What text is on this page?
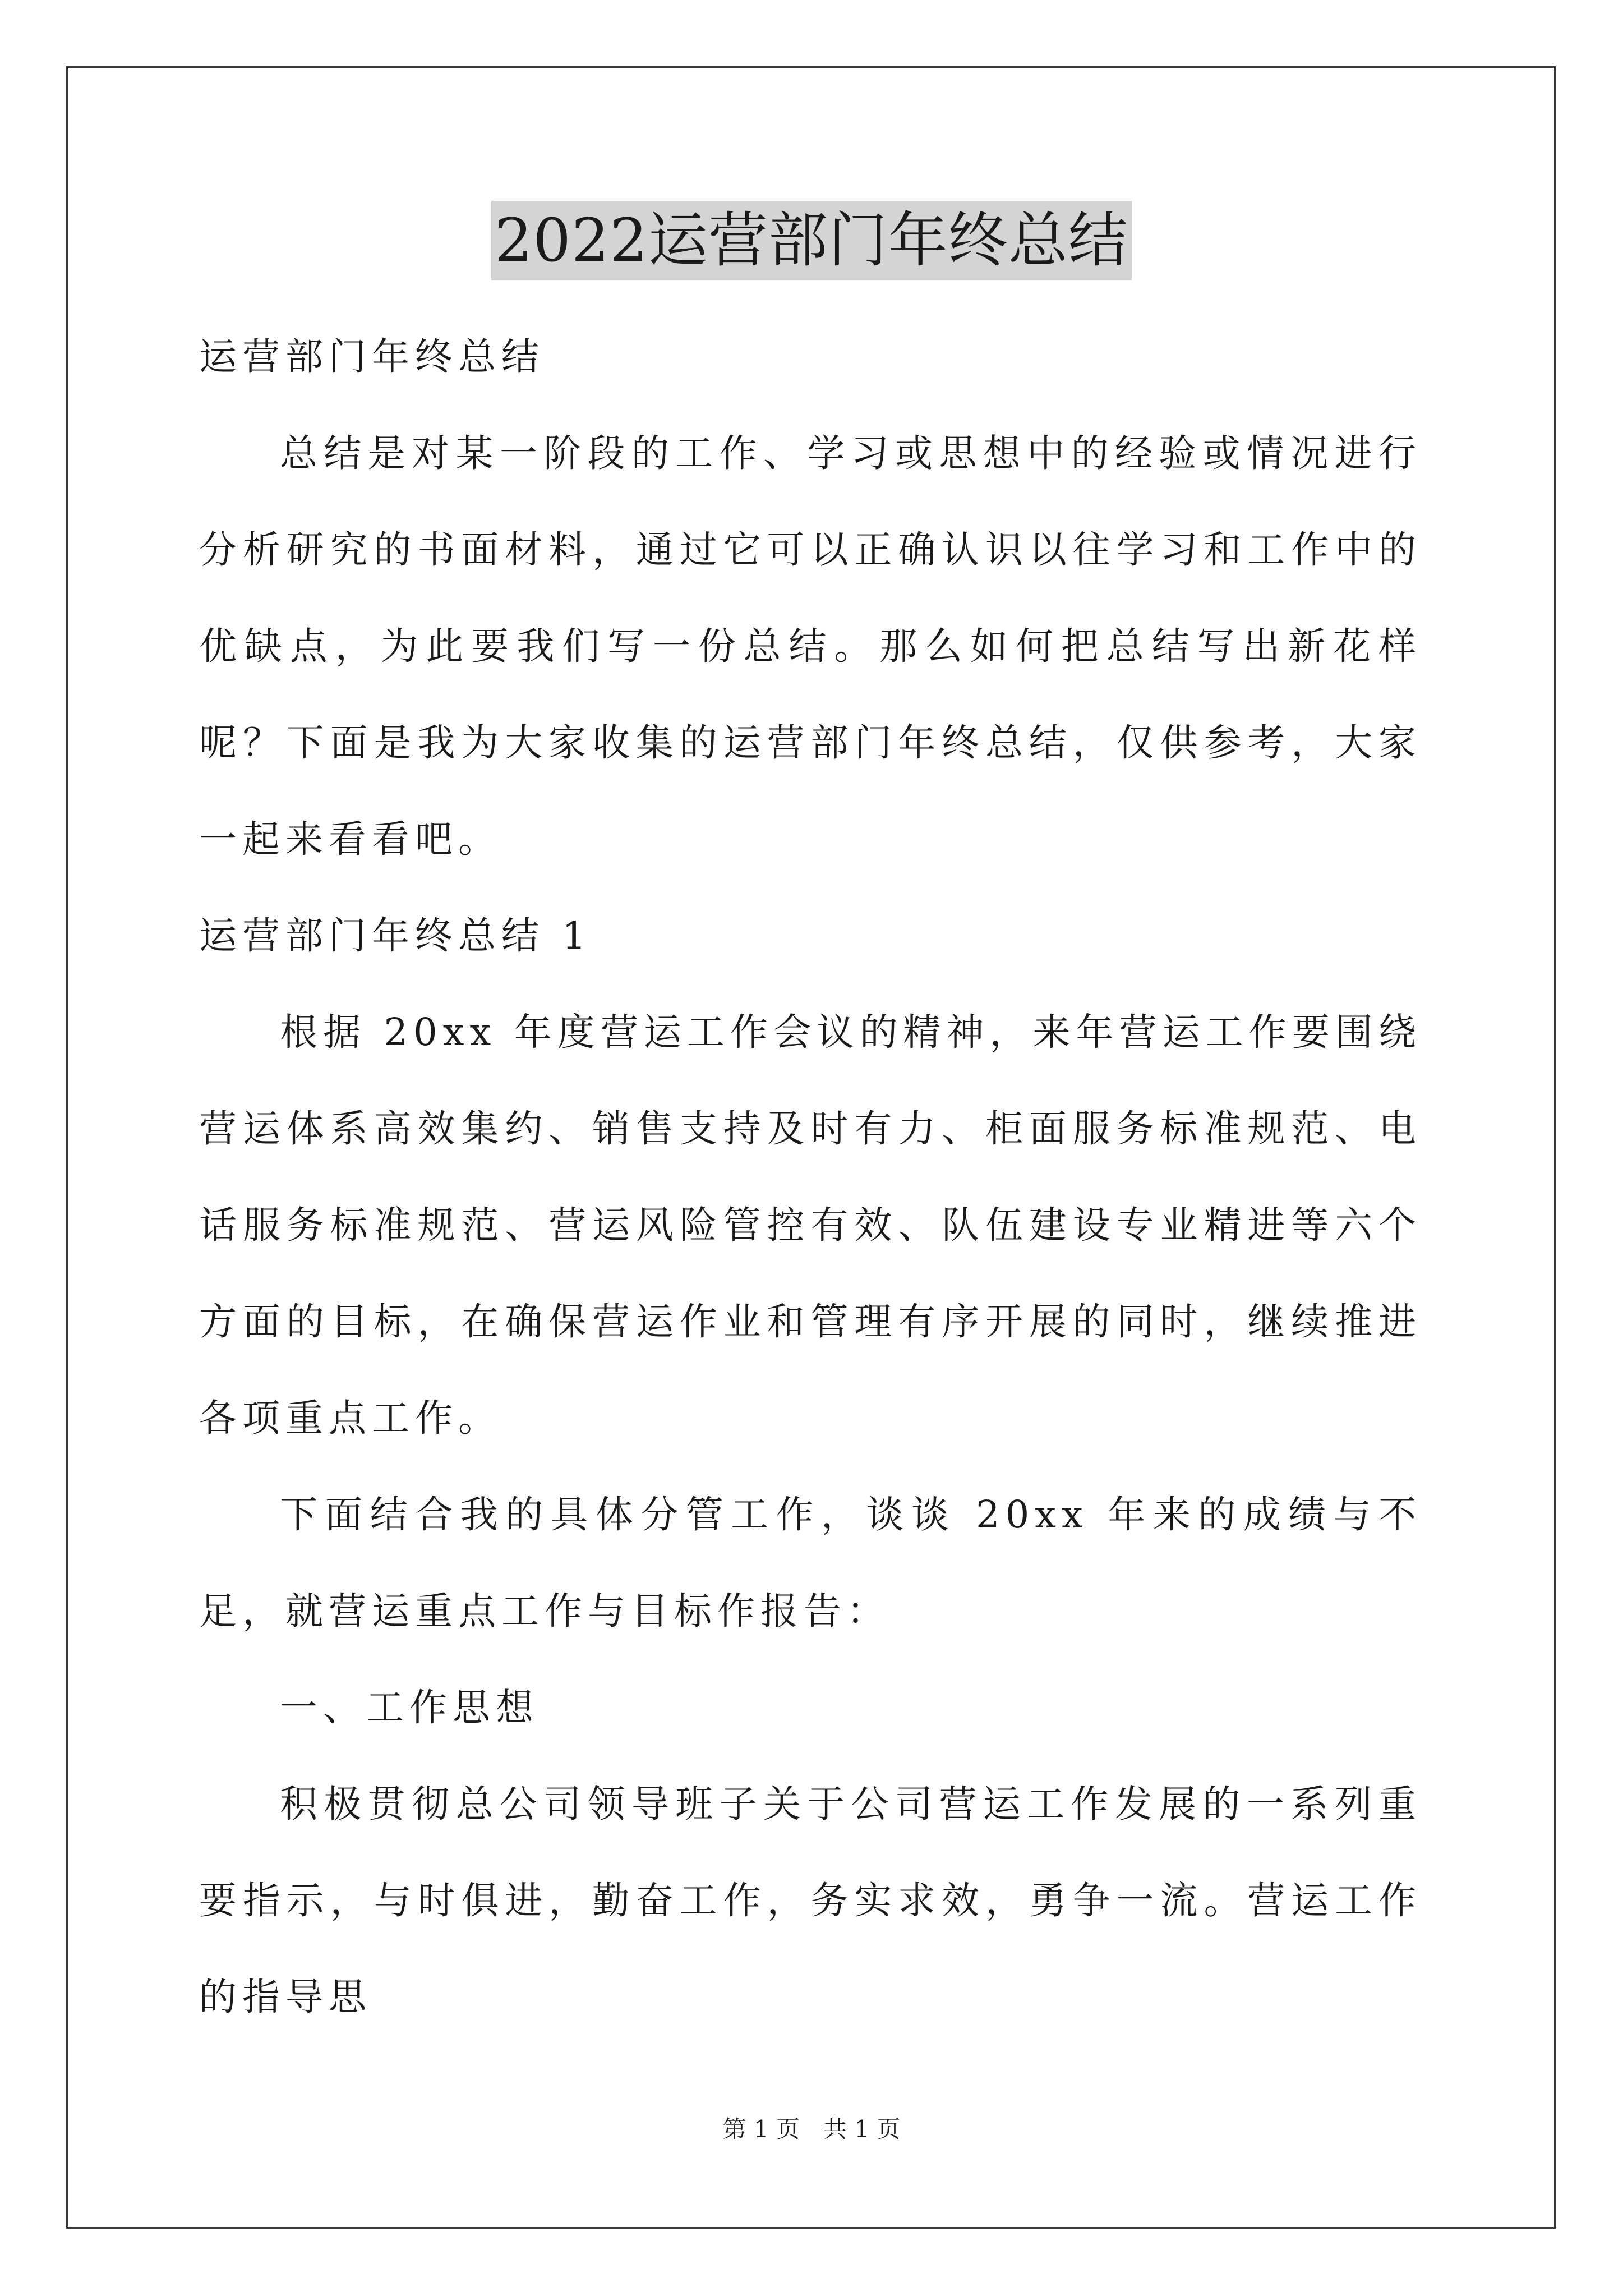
2022运营部门年终总结

运营部门年终总结

总结是对某一阶段的工作、学习或思想中的经验或情况进行分析研究的书面材料，通过它可以正确认识以往学习和工作中的优缺点，为此要我们写一份总结。那么如何把总结写出新花样呢？下面是我为大家收集的运营部门年终总结，仅供参考，大家一起来看看吧。

运营部门年终总结 1

根据 20xx 年度营运工作会议的精神，来年营运工作要围绕营运体系高效集约、销售支持及时有力、柜面服务标准规范、电话服务标准规范、营运风险管控有效、队伍建设专业精进等六个方面的目标，在确保营运作业和管理有序开展的同时，继续推进各项重点工作。

下面结合我的具体分管工作，谈谈 20xx 年来的成绩与不足，就营运重点工作与目标作报告：

一、工作思想

积极贯彻总公司领导班子关于公司营运工作发展的一系列重要指示，与时俱进，勤奋工作，务实求效，勇争一流。营运工作的指导思

第 1 页　共 1 页
